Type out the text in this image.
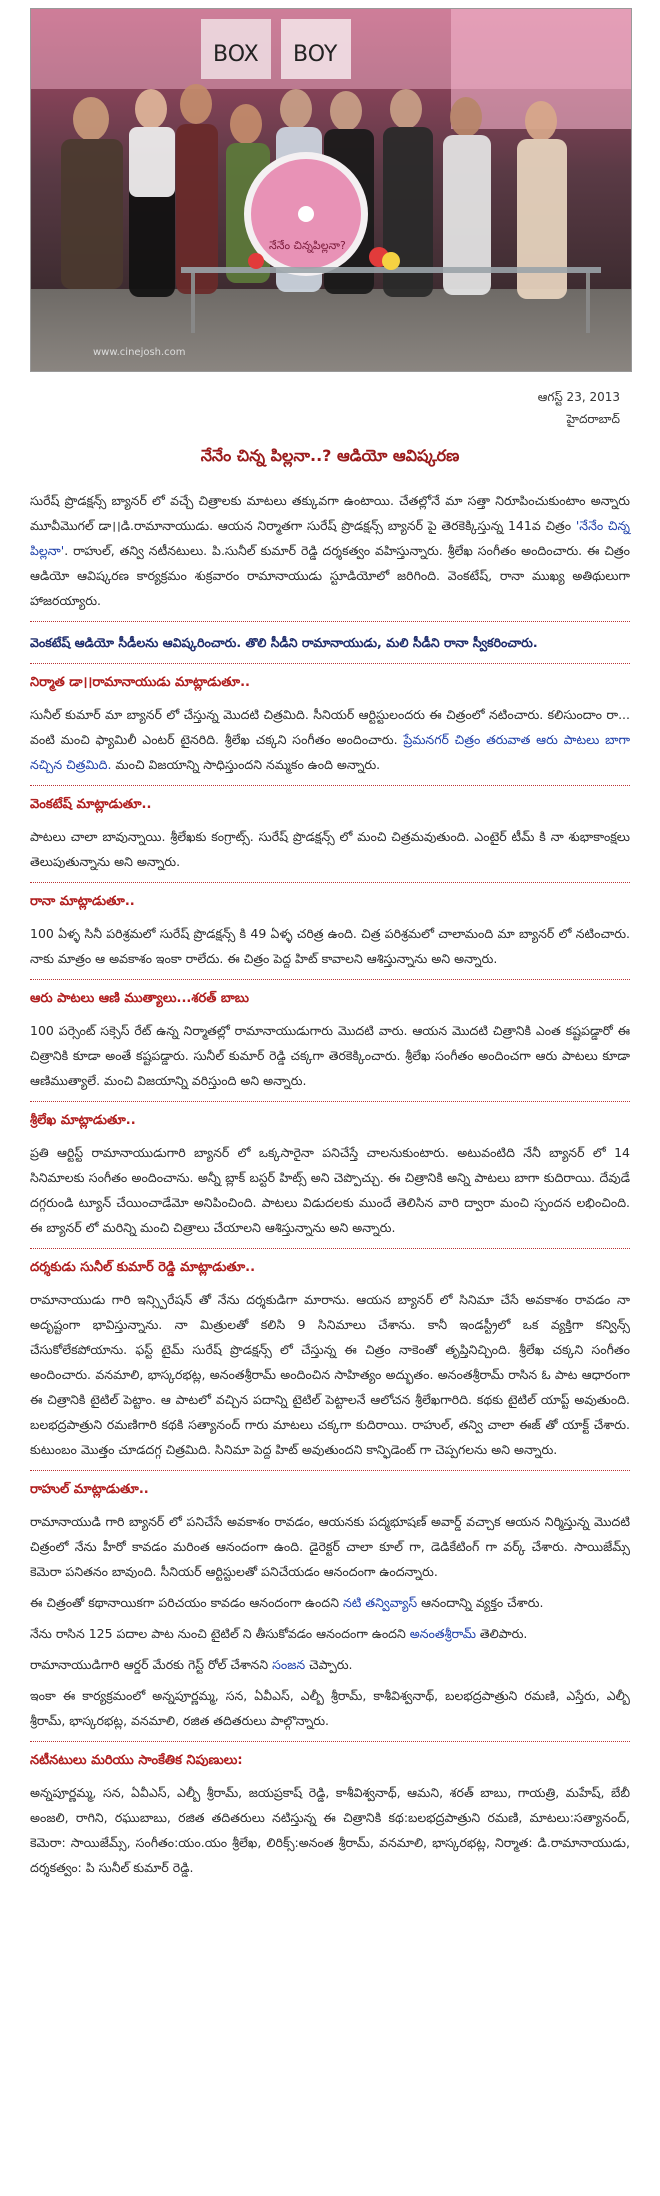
BOX BOY
నేనేం చిన్నపిల్లనా?
www.cinejosh.com
ఆగస్ట్ 23, 2013
హైదరాబాద్
నేనేం చిన్న పిల్లనా..? ఆడియో ఆవిష్కరణ

సురేష్ ప్రొడక్షన్స్ బ్యానర్ లో వచ్చే చిత్రాలకు మాటలు తక్కువగా ఉంటాయి. చేతల్లోనే మా సత్తా నిరూపించుకుంటాం అన్నారు మూవీమొగల్ డా।।డి.రామానాయుడు. ఆయన నిర్మాతగా సురేష్ ప్రొడక్షన్స్ బ్యానర్ పై తెరకెక్కిస్తున్న 141వ చిత్రం 'నేనేం చిన్న పిల్లనా'. రాహుల్, తన్వి నటీనటులు. పి.సునీల్ కుమార్ రెడ్డి దర్శకత్వం వహిస్తున్నారు. శ్రీలేఖ సంగీతం అందించారు. ఈ చిత్రం ఆడియో ఆవిష్కరణ కార్యక్రమం శుక్రవారం రామానాయుడు స్టూడియోలో జరిగింది. వెంకటేష్, రానా ముఖ్య అతిథులుగా హాజరయ్యారు.

వెంకటేష్ ఆడియో సీడీలను ఆవిష్కరించారు. తొలి సీడీని రామానాయుడు, మలి సీడీని రానా స్వీకరించారు.
నిర్మాత డా।।రామానాయుడు మాట్లాడుతూ..

సునీల్ కుమార్ మా బ్యానర్ లో చేస్తున్న మొదటి చిత్రమిది. సీనియర్ ఆర్టిస్టులందరు ఈ చిత్రంలో నటించారు. కలిసుందాం రా... వంటి మంచి ఫ్యామిలీ ఎంటర్ టైనరిది. శ్రీలేఖ చక్కని సంగీతం అందించారు. ప్రేమనగర్ చిత్రం తరువాత ఆరు పాటలు బాగా నచ్చిన చిత్రమిది. మంచి విజయాన్ని సాధిస్తుందని నమ్మకం ఉంది అన్నారు.

వెంకటేష్ మాట్లాడుతూ..

పాటలు చాలా బావున్నాయి. శ్రీలేఖకు కంగ్రాట్స్. సురేష్ ప్రొడక్షన్స్ లో మంచి చిత్రమవుతుంది. ఎంటైర్ టీమ్ కి నా శుభాకాంక్షలు తెలుపుతున్నాను అని అన్నారు.

రానా మాట్లాడుతూ..

100 ఏళ్ళ సినీ పరిశ్రమలో సురేష్ ప్రొడక్షన్స్ కి 49 ఏళ్ళ చరిత్ర ఉంది. చిత్ర పరిశ్రమలో చాలామంది మా బ్యానర్ లో నటించారు. నాకు మాత్రం ఆ అవకాశం ఇంకా రాలేదు. ఈ చిత్రం పెద్ద హిట్ కావాలని ఆశిస్తున్నాను అని అన్నారు.

ఆరు పాటలు ఆణి ముత్యాలు...శరత్ బాబు

100 పర్సెంట్ సక్సెస్ రేట్ ఉన్న నిర్మాతల్లో రామానాయుడుగారు మొదటి వారు. ఆయన మొదటి చిత్రానికి ఎంత కష్టపడ్డారో ఈ చిత్రానికి కూడా అంతే కష్టపడ్డారు. సునీల్ కుమార్ రెడ్డి చక్కగా తెరకెక్కించారు. శ్రీలేఖ సంగీతం అందించగా ఆరు పాటలు కూడా ఆణిముత్యాలే. మంచి విజయాన్ని వరిస్తుంది అని అన్నారు.

శ్రీలేఖ మాట్లాడుతూ..

ప్రతి ఆర్టిస్ట్ రామానాయుడుగారి బ్యానర్ లో ఒక్కసారైనా పనిచేస్తే చాలనుకుంటారు. అటువంటిది నేనీ బ్యానర్ లో 14 సినిమాలకు సంగీతం అందించాను. అన్నీ బ్లాక్ బస్టర్ హిట్స్ అని చెప్పొచ్చు. ఈ చిత్రానికి అన్ని పాటలు బాగా కుదిరాయి. దేవుడే దగ్గరుండి ట్యూన్ చేయించాడేమో అనిపించింది. పాటలు విడుదలకు ముందే తెలిసిన వారి ద్వారా మంచి స్పందన లభించింది. ఈ బ్యానర్ లో మరిన్ని మంచి చిత్రాలు చేయాలని ఆశిస్తున్నాను అని అన్నారు.

దర్శకుడు సునీల్ కుమార్ రెడ్డి మాట్లాడుతూ..

రామానాయుడు గారి ఇన్స్పిరేషన్ తో నేను దర్శకుడిగా మారాను. ఆయన బ్యానర్ లో సినిమా చేసే అవకాశం రావడం నా అదృష్టంగా భావిస్తున్నాను. నా మిత్రులతో కలిసి 9 సినిమాలు చేశాను. కానీ ఇండస్ట్రీలో ఒక వ్యక్తిగా కన్విన్స్ చేసుకోలేకపోయాను. ఫస్ట్ టైమ్ సురేష్ ప్రొడక్షన్స్ లో చేస్తున్న ఈ చిత్రం నాకెంతో తృప్తినిచ్చింది. శ్రీలేఖ చక్కని సంగీతం అందించారు. వనమాలి, భాస్కరభట్ల, అనంతశ్రీరామ్ అందించిన సాహిత్యం అద్భుతం. అనంతశ్రీరామ్ రాసిన ఓ పాట ఆధారంగా ఈ చిత్రానికి టైటిల్ పెట్టాం. ఆ పాటలో వచ్చిన పదాన్ని టైటిల్ పెట్టాలనే ఆలోచన శ్రీలేఖగారిది. కథకు టైటిల్ యాప్ట్ అవుతుంది. బలభద్రపాత్రుని రమణిగారి కథకి సత్యానంద్ గారు మాటలు చక్కగా కుదిరాయి. రాహుల్, తన్వి చాలా ఈజ్ తో యాక్ట్ చేశారు. కుటుంబం మొత్తం చూడదగ్గ చిత్రమిది. సినిమా పెద్ద హిట్ అవుతుందని కాన్ఫిడెంట్ గా చెప్పగలను అని అన్నారు.

రాహుల్ మాట్లాడుతూ..

రామానాయుడి గారి బ్యానర్ లో పనిచేసే అవకాశం రావడం, ఆయనకు పద్మభూషణ్ అవార్డ్ వచ్చాక ఆయన నిర్మిస్తున్న మొదటి చిత్రంలో నేను హీరో కావడం మరింత ఆనందంగా ఉంది. డైరెక్టర్ చాలా కూల్ గా, డెడికేటింగ్ గా వర్క్ చేశారు. సాయిజేమ్స్ కెమెరా పనితనం బావుంది. సీనియర్ ఆర్టిస్టులతో పనిచేయడం ఆనందంగా ఉందన్నారు.

ఈ చిత్రంతో కథానాయికగా పరిచయం కావడం ఆనందంగా ఉందని నటి తన్వివ్యాస్ ఆనందాన్ని వ్యక్తం చేశారు.

నేను రాసిన 125 పదాల పాట నుంచి టైటిల్ ని తీసుకోవడం ఆనందంగా ఉందని అనంతశ్రీరామ్ తెలిపారు.

రామానాయుడిగారి ఆర్డర్ మేరకు గెస్ట్ రోల్ చేశానని సంజన చెప్పారు.

ఇంకా ఈ కార్యక్రమంలో అన్నపూర్ణమ్మ, సన, ఏవీఎస్, ఎల్బీ శ్రీరామ్, కాశీవిశ్వనాథ్, బలభద్రపాత్రుని రమణి, ఎస్తేరు, ఎల్బీ శ్రీరామ్, భాస్కరభట్ల, వనమాలి, రజిత తదితరులు పాల్గొన్నారు.

నటీనటులు మరియు సాంకేతిక నిపుణులు:

అన్నపూర్ణమ్మ, సన, ఏవీఎస్, ఎల్బీ శ్రీరామ్, జయప్రకాష్ రెడ్డి, కాశీవిశ్వనాథ్, ఆమని, శరత్ బాబు, గాయత్రి, మహేష్, బేబీ అంజలి, రాగిని, రఘుబాబు, రజిత తదితరులు నటిస్తున్న ఈ చిత్రానికి కథ:బలభద్రపాత్రుని రమణి, మాటలు:సత్యానంద్, కెమెరా: సాయిజేమ్స్, సంగీతం:యం.యం శ్రీలేఖ, లిరిక్స్:అనంత శ్రీరామ్, వనమాలి, భాస్కరభట్ల, నిర్మాత: డి.రామానాయుడు, దర్శకత్వం: పి సునీల్ కుమార్ రెడ్డి.
